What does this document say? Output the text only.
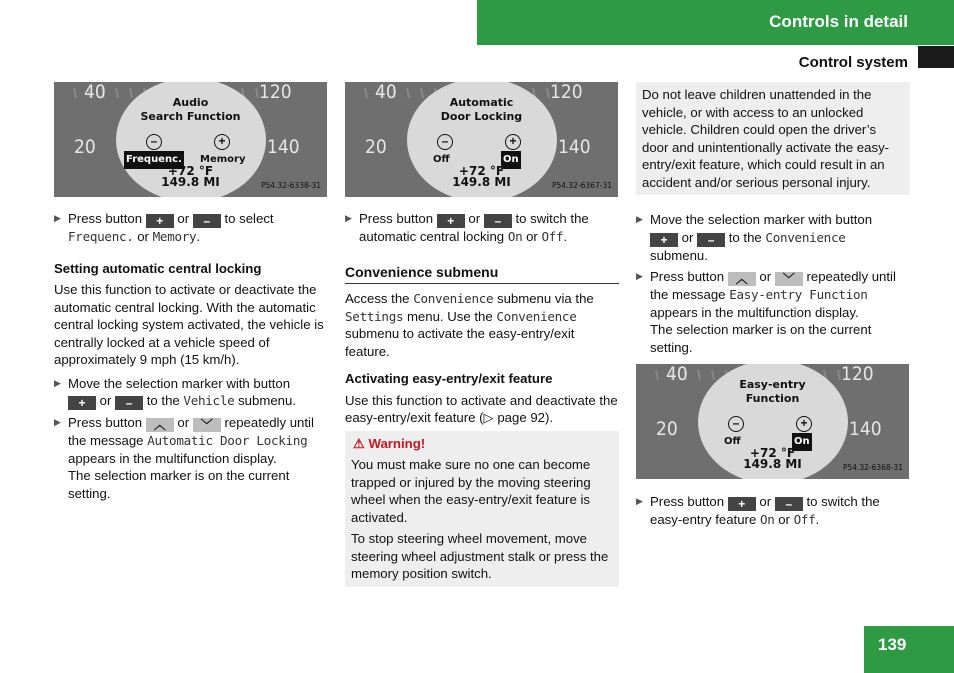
Controls in detail
Control system
40	120
20	140
Audio
Search Function
–	+
Frequenc. Memory
+72 °F
149.8 MI	P54.32-6338-31
▶ Press button + or – to select Frequenc. or Memory.
Setting automatic central locking

Use this function to activate or deactivate the automatic central locking. With the automatic central locking system activated, the vehicle is centrally locked at a vehicle speed of approximately 9 mph (15 km/h).

▶ Move the selection marker with button
+ or – to the Vehicle submenu.
▶ Press button ︿ or ﹀ repeatedly until the message Automatic Door Locking appears in the multifunction display.
The selection marker is on the current setting.
40	120
20	140
Automatic
Door Locking
–	+
Off	On
+72 °F
149.8 MI	P54.32-6367-31
▶ Press button + or – to switch the automatic central locking On or Off.
Convenience submenu

Access the Convenience submenu via the Settings menu. Use the Convenience submenu to activate the easy-entry/exit feature.

Activating easy-entry/exit feature

Use this function to activate and deactivate the easy-entry/exit feature (▷ page 92).

⚠ Warning!

You must make sure no one can become trapped or injured by the moving steering wheel when the easy-entry/exit feature is activated.

To stop steering wheel movement, move steering wheel adjustment stalk or press the memory position switch.

Do not leave children unattended in the vehicle, or with access to an unlocked vehicle. Children could open the driver’s door and unintentionally activate the easy-entry/exit feature, which could result in an accident and/or serious personal injury.
▶ Move the selection marker with button
+ or – to the Convenience
submenu.
▶ Press button ︿ or ﹀ repeatedly until the message Easy-entry Function appears in the multifunction display.
The selection marker is on the current setting.
40	120
20	140
Easy-entry
Function
–	+
Off	On
+72 °F
149.8 MI	P54.32-6368-31
▶ Press button + or – to switch the easy-entry feature On or Off.
139
